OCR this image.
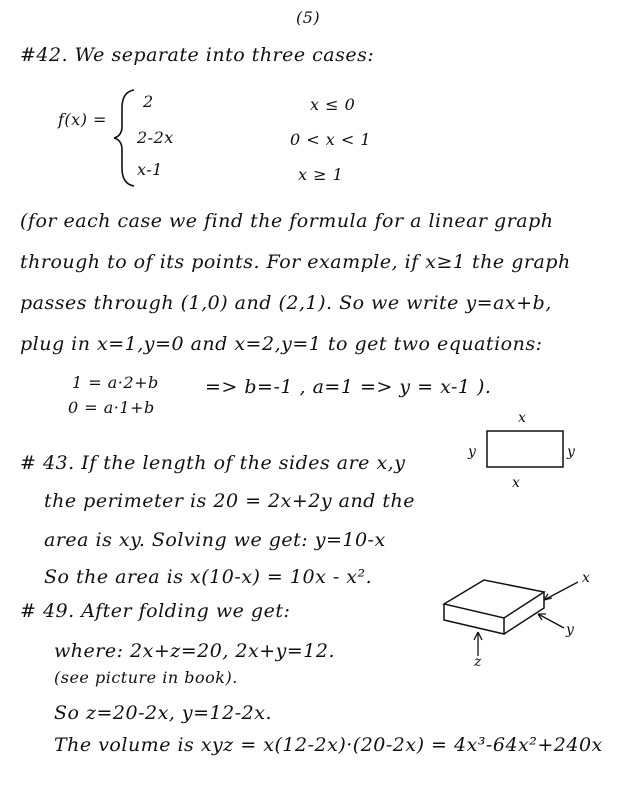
(5)
#42. We separate into three cases:
f(x) =
2	x ≤ 0
2-2x	0 < x < 1
x-1	x ≥ 1
(for each case we find the formula for a linear graph
through to of its points. For example, if x≥1 the graph
passes through (1,0) and (2,1). So we write y=ax+b,
plug in x=1,y=0 and x=2,y=1 to get two equations:
1 = a·2+b
0 = a·1+b
=> b=-1 , a=1 => y = x-1 ).
# 43. If the length of the sides are x,y
the perimeter is 20 = 2x+2y and the
area is xy. Solving we get: y=10-x
So the area is x(10-x) = 10x - x².
x
x
y	y
# 49. After folding we get:
where: 2x+z=20, 2x+y=12.
(see picture in book).
So z=20-2x, y=12-2x.
The volume is xyz = x(12-2x)·(20-2x) = 4x³-64x²+240x
x
y
z
